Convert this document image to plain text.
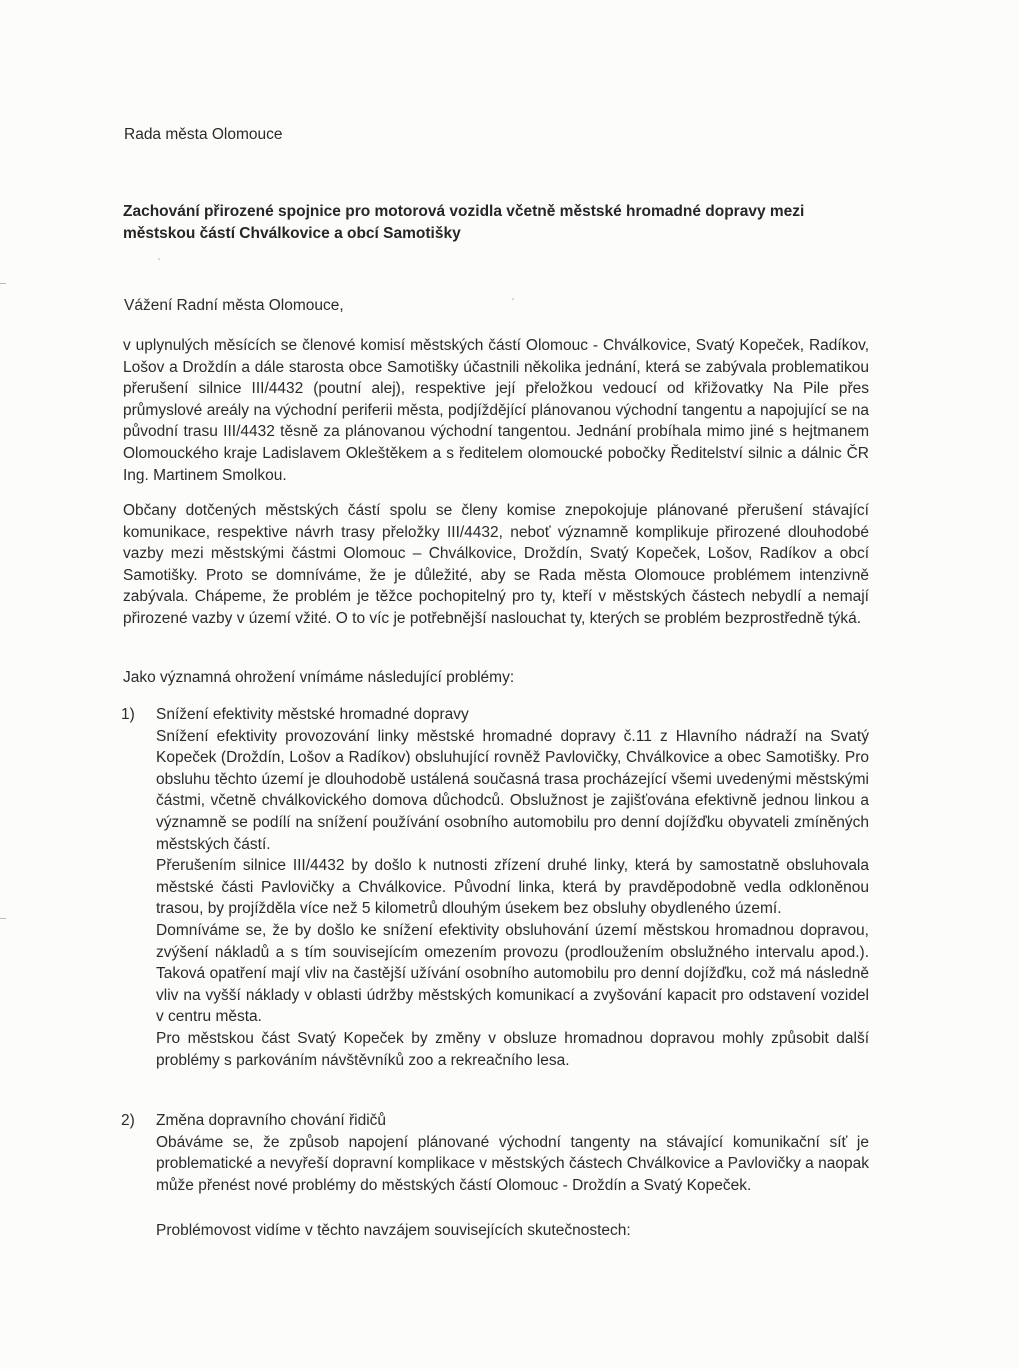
Rada města Olomouce
Zachování přirozené spojnice pro motorová vozidla včetně městské hromadné dopravy mezi
městskou částí Chválkovice a obcí Samotišky
Vážení Radní města Olomouce,
v uplynulých měsících se členové komisí městských částí Olomouc - Chválkovice, Svatý Kopeček, Radíkov, Lošov a Droždín a dále starosta obce Samotišky účastnili několika jednání, která se zabývala problematikou přerušení silnice III/4432 (poutní alej), respektive její přeložkou vedoucí od křižovatky Na Pile přes průmyslové areály na východní periferii města, podjíždějící plánovanou východní tangentu a napojující se na původní trasu III/4432 těsně za plánovanou východní tangentou. Jednání probíhala mimo jiné s hejtmanem Olomouckého kraje Ladislavem Okleštěkem a s ředitelem olomoucké pobočky Ředitelství silnic a dálnic ČR Ing. Martinem Smolkou.
Občany dotčených městských částí spolu se členy komise znepokojuje plánované přerušení stávající komunikace, respektive návrh trasy přeložky III/4432, neboť významně komplikuje přirozené dlouhodobé vazby mezi městskými částmi Olomouc – Chválkovice, Droždín, Svatý Kopeček, Lošov, Radíkov a obcí Samotišky. Proto se domníváme, že je důležité, aby se Rada města Olomouce problémem intenzivně zabývala. Chápeme, že problém je těžce pochopitelný pro ty, kteří v městských částech nebydlí a nemají přirozené vazby v území vžité. O to víc je potřebnější naslouchat ty, kterých se problém bezprostředně týká.
Jako významná ohrožení vnímáme následující problémy:
1)	Snížení efektivity městské hromadné dopravy
Snížení efektivity provozování linky městské hromadné dopravy č.11 z Hlavního nádraží na Svatý Kopeček (Droždín, Lošov a Radíkov) obsluhující rovněž Pavlovičky, Chválkovice a obec Samotišky. Pro obsluhu těchto území je dlouhodobě ustálená současná trasa procházející všemi uvedenými městskými částmi, včetně chválkovického domova důchodců. Obslužnost je zajišťována efektivně jednou linkou a významně se podílí na snížení používání osobního automobilu pro denní dojížďku obyvateli zmíněných městských částí.
Přerušením silnice III/4432 by došlo k nutnosti zřízení druhé linky, která by samostatně obsluhovala městské části Pavlovičky a Chválkovice. Původní linka, která by pravděpodobně vedla odkloněnou trasou, by projížděla více než 5 kilometrů dlouhým úsekem bez obsluhy obydleného území.
Domníváme se, že by došlo ke snížení efektivity obsluhování území městskou hromadnou dopravou, zvýšení nákladů a s tím souvisejícím omezením provozu (prodloužením obslužného intervalu apod.). Taková opatření mají vliv na častější užívání osobního automobilu pro denní dojížďku, což má následně vliv na vyšší náklady v oblasti údržby městských komunikací a zvyšování kapacit pro odstavení vozidel v centru města.
Pro městskou část Svatý Kopeček by změny v obsluze hromadnou dopravou mohly způsobit další problémy s parkováním návštěvníků zoo a rekreačního lesa.
2)	Změna dopravního chování řidičů
Obáváme se, že způsob napojení plánované východní tangenty na stávající komunikační síť je problematické a nevyřeší dopravní komplikace v městských částech Chválkovice a Pavlovičky a naopak může přenést nové problémy do městských částí Olomouc - Droždín a Svatý Kopeček.
Problémovost vidíme v těchto navzájem souvisejících skutečnostech:
